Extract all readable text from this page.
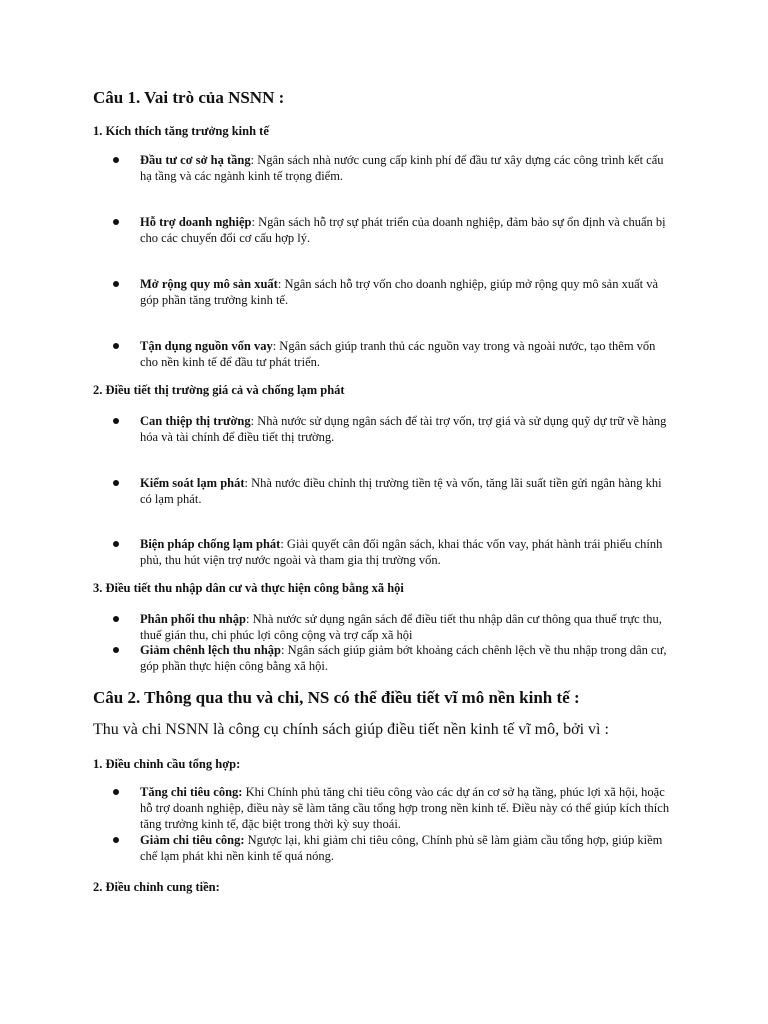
Câu 1. Vai trò của NSNN :
1. Kích thích tăng trưởng kinh tế
Đầu tư cơ sở hạ tầng: Ngân sách nhà nước cung cấp kinh phí để đầu tư xây dựng các công trình kết cấu hạ tầng và các ngành kinh tế trọng điểm.
Hỗ trợ doanh nghiệp: Ngân sách hỗ trợ sự phát triển của doanh nghiệp, đảm bảo sự ổn định và chuẩn bị cho các chuyển đổi cơ cấu hợp lý.
Mở rộng quy mô sản xuất: Ngân sách hỗ trợ vốn cho doanh nghiệp, giúp mở rộng quy mô sản xuất và góp phần tăng trưởng kinh tế.
Tận dụng nguồn vốn vay: Ngân sách giúp tranh thủ các nguồn vay trong và ngoài nước, tạo thêm vốn cho nền kinh tế để đầu tư phát triển.
2. Điều tiết thị trường giá cả và chống lạm phát
Can thiệp thị trường: Nhà nước sử dụng ngân sách để tài trợ vốn, trợ giá và sử dụng quỹ dự trữ về hàng hóa và tài chính để điều tiết thị trường.
Kiểm soát lạm phát: Nhà nước điều chỉnh thị trường tiền tệ và vốn, tăng lãi suất tiền gửi ngân hàng khi có lạm phát.
Biện pháp chống lạm phát: Giải quyết cân đối ngân sách, khai thác vốn vay, phát hành trái phiếu chính phủ, thu hút viện trợ nước ngoài và tham gia thị trường vốn.
3. Điều tiết thu nhập dân cư và thực hiện công bằng xã hội
Phân phối thu nhập: Nhà nước sử dụng ngân sách để điều tiết thu nhập dân cư thông qua thuế trực thu, thuế gián thu, chi phúc lợi công cộng và trợ cấp xã hội
Giảm chênh lệch thu nhập: Ngân sách giúp giảm bớt khoảng cách chênh lệch về thu nhập trong dân cư, góp phần thực hiện công bằng xã hội.
Câu 2. Thông qua thu và chi, NS có thể điều tiết vĩ mô nền kinh tế :
Thu và chi NSNN là công cụ chính sách giúp điều tiết nền kinh tế vĩ mô, bởi vì :
1. Điều chỉnh cầu tổng hợp:
Tăng chi tiêu công: Khi Chính phủ tăng chi tiêu công vào các dự án cơ sở hạ tầng, phúc lợi xã hội, hoặc hỗ trợ doanh nghiệp, điều này sẽ làm tăng cầu tổng hợp trong nền kinh tế. Điều này có thể giúp kích thích tăng trưởng kinh tế, đặc biệt trong thời kỳ suy thoái.
Giảm chi tiêu công: Ngược lại, khi giảm chi tiêu công, Chính phủ sẽ làm giảm cầu tổng hợp, giúp kiềm chế lạm phát khi nền kinh tế quá nóng.
2. Điều chỉnh cung tiền:
